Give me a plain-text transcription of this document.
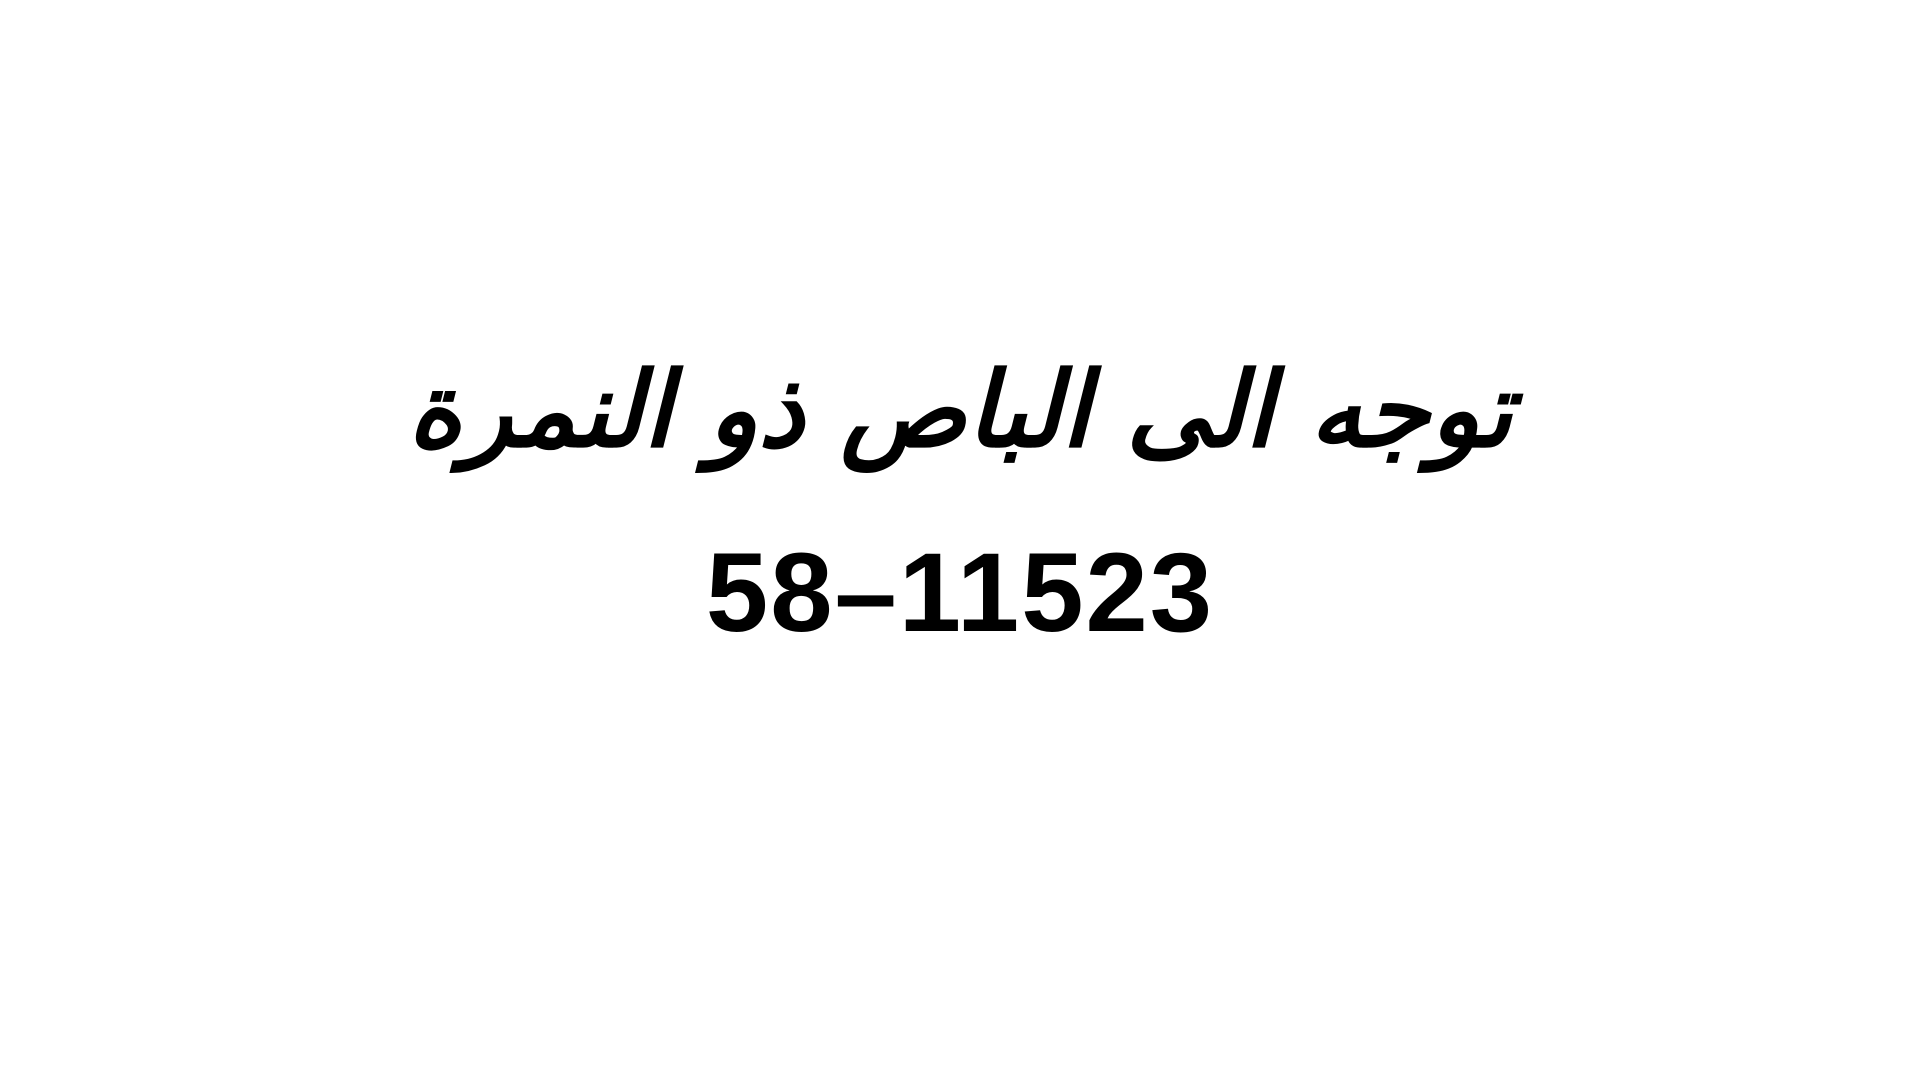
توجه الى الباص ذو النمرة
58–11523
